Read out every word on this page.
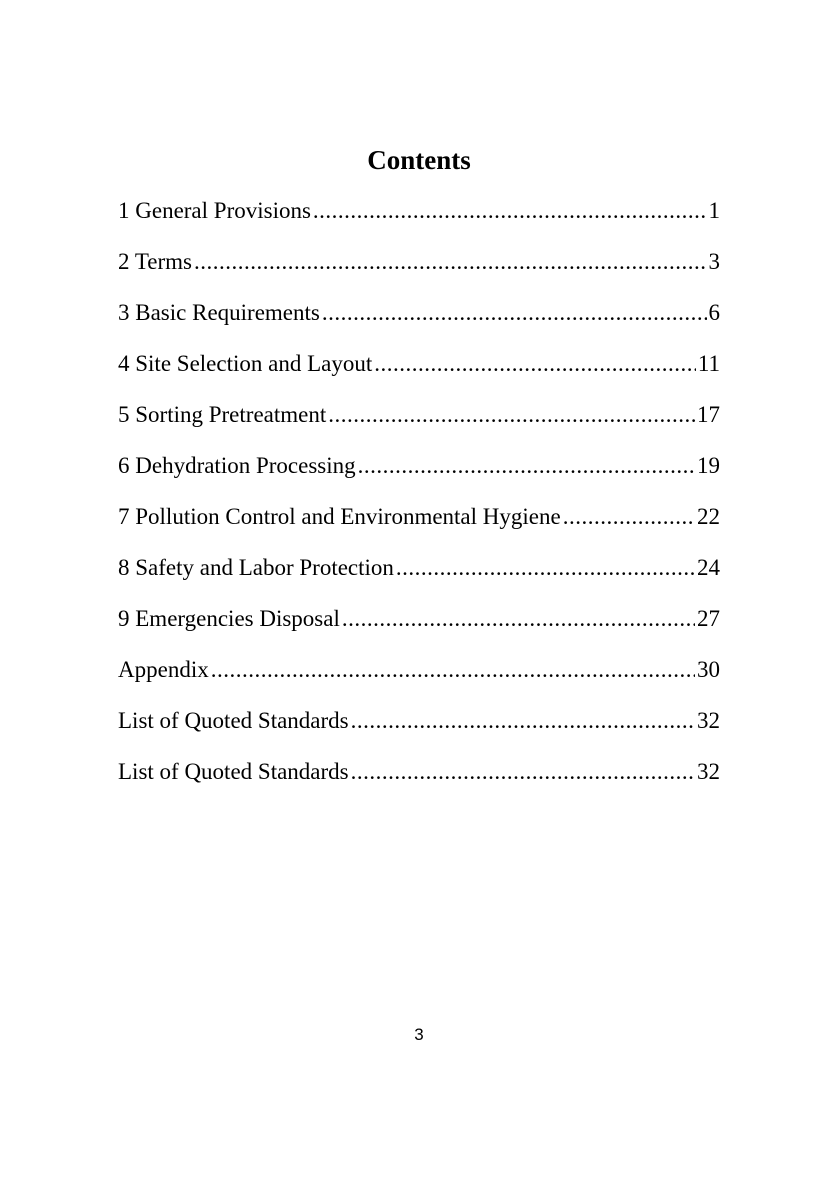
Contents
1 General Provisions .....	1
2 Terms .....	3
3 Basic Requirements .....	6
4 Site Selection and Layout .....	11
5 Sorting Pretreatment .....	17
6 Dehydration Processing .....	19
7 Pollution Control and Environmental Hygiene .....	22
8 Safety and Labor Protection .....	24
9 Emergencies Disposal .....	27
Appendix .....	30
List of Quoted Standards .....	32
List of Quoted Standards .....	32
3
